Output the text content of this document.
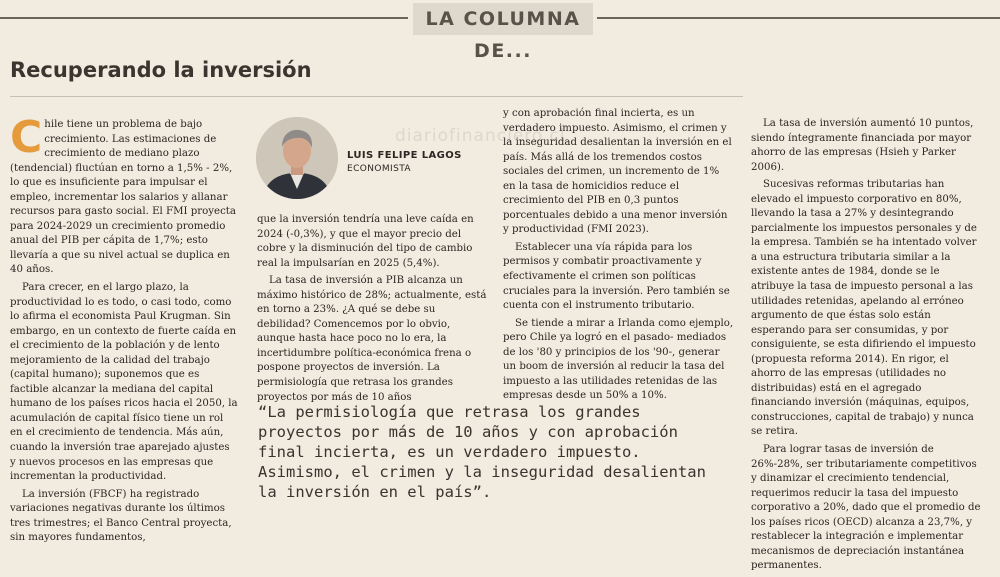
LA COLUMNA DE...
Recuperando la inversión
diariofinanciero.cl

Chile tiene un problema de bajo crecimiento. Las estimaciones de crecimiento de mediano plazo (tendencial) fluctúan en torno a 1,5% - 2%, lo que es insuficiente para impulsar el empleo, incrementar los salarios y allanar recursos para gasto social. El FMI proyecta para 2024-2029 un crecimiento promedio anual del PIB per cápita de 1,7%; esto llevaría a que su nivel actual se duplica en 40 años.

Para crecer, en el largo plazo, la productividad lo es todo, o casi todo, como lo afirma el economista Paul Krugman. Sin embargo, en un contexto de fuerte caída en el crecimiento de la población y de lento mejoramiento de la calidad del trabajo (capital humano); suponemos que es factible alcanzar la mediana del capital humano de los países ricos hacia el 2050, la acumulación de capital físico tiene un rol en el crecimiento de tendencia. Más aún, cuando la inversión trae aparejado ajustes y nuevos procesos en las empresas que incrementan la productividad.

La inversión (FBCF) ha registrado variaciones negativas durante los últimos tres trimestres; el Banco Central proyecta, sin mayores fundamentos,

LUIS FELIPE LAGOS
ECONOMISTA

que la inversión tendría una leve caída en 2024 (-0,3%), y que el mayor precio del cobre y la disminución del tipo de cambio real la impulsarían en 2025 (5,4%).

La tasa de inversión a PIB alcanza un máximo histórico de 28%; actualmente, está en torno a 23%. ¿A qué se debe su debilidad? Comencemos por lo obvio, aunque hasta hace poco no lo era, la incertidumbre política-económica frena o pospone proyectos de inversión. La permisiología que retrasa los grandes proyectos por más de 10 años

y con aprobación final incierta, es un verdadero impuesto. Asimismo, el crimen y la inseguridad desalientan la inversión en el país. Más allá de los tremendos costos sociales del crimen, un incremento de 1% en la tasa de homicidios reduce el crecimiento del PIB en 0,3 puntos porcentuales debido a una menor inversión y productividad (FMI 2023).

Establecer una vía rápida para los permisos y combatir proactivamente y efectivamente el crimen son políticas cruciales para la inversión. Pero también se cuenta con el instrumento tributario.

Se tiende a mirar a Irlanda como ejemplo, pero Chile ya logró en el pasado- mediados de los '80 y principios de los '90-, generar un boom de inversión al reducir la tasa del impuesto a las utilidades retenidas de las empresas desde un 50% a 10%.

La tasa de inversión aumentó 10 puntos, siendo íntegramente financiada por mayor ahorro de las empresas (Hsieh y Parker 2006).

Sucesivas reformas tributarias han elevado el impuesto corporativo en 80%, llevando la tasa a 27% y desintegrando parcialmente los impuestos personales y de la empresa. También se ha intentado volver a una estructura tributaria similar a la existente antes de 1984, donde se le atribuye la tasa de impuesto personal a las utilidades retenidas, apelando al erróneo argumento de que éstas solo están esperando para ser consumidas, y por consiguiente, se esta difiriendo el impuesto (propuesta reforma 2014). En rigor, el ahorro de las empresas (utilidades no distribuidas) está en el agregado financiando inversión (máquinas, equipos, construcciones, capital de trabajo) y nunca se retira.

Para lograr tasas de inversión de 26%-28%, ser tributariamente competitivos y dinamizar el crecimiento tendencial, requerimos reducir la tasa del impuesto corporativo a 20%, dado que el promedio de los países ricos (OECD) alcanza a 23,7%, y restablecer la integración e implementar mecanismos de depreciación instantánea permanentes.

“La permisiología que retrasa los grandes proyectos por más de 10 años y con aprobación final incierta, es un verdadero impuesto. Asimismo, el crimen y la inseguridad desalientan la inversión en el país”.
